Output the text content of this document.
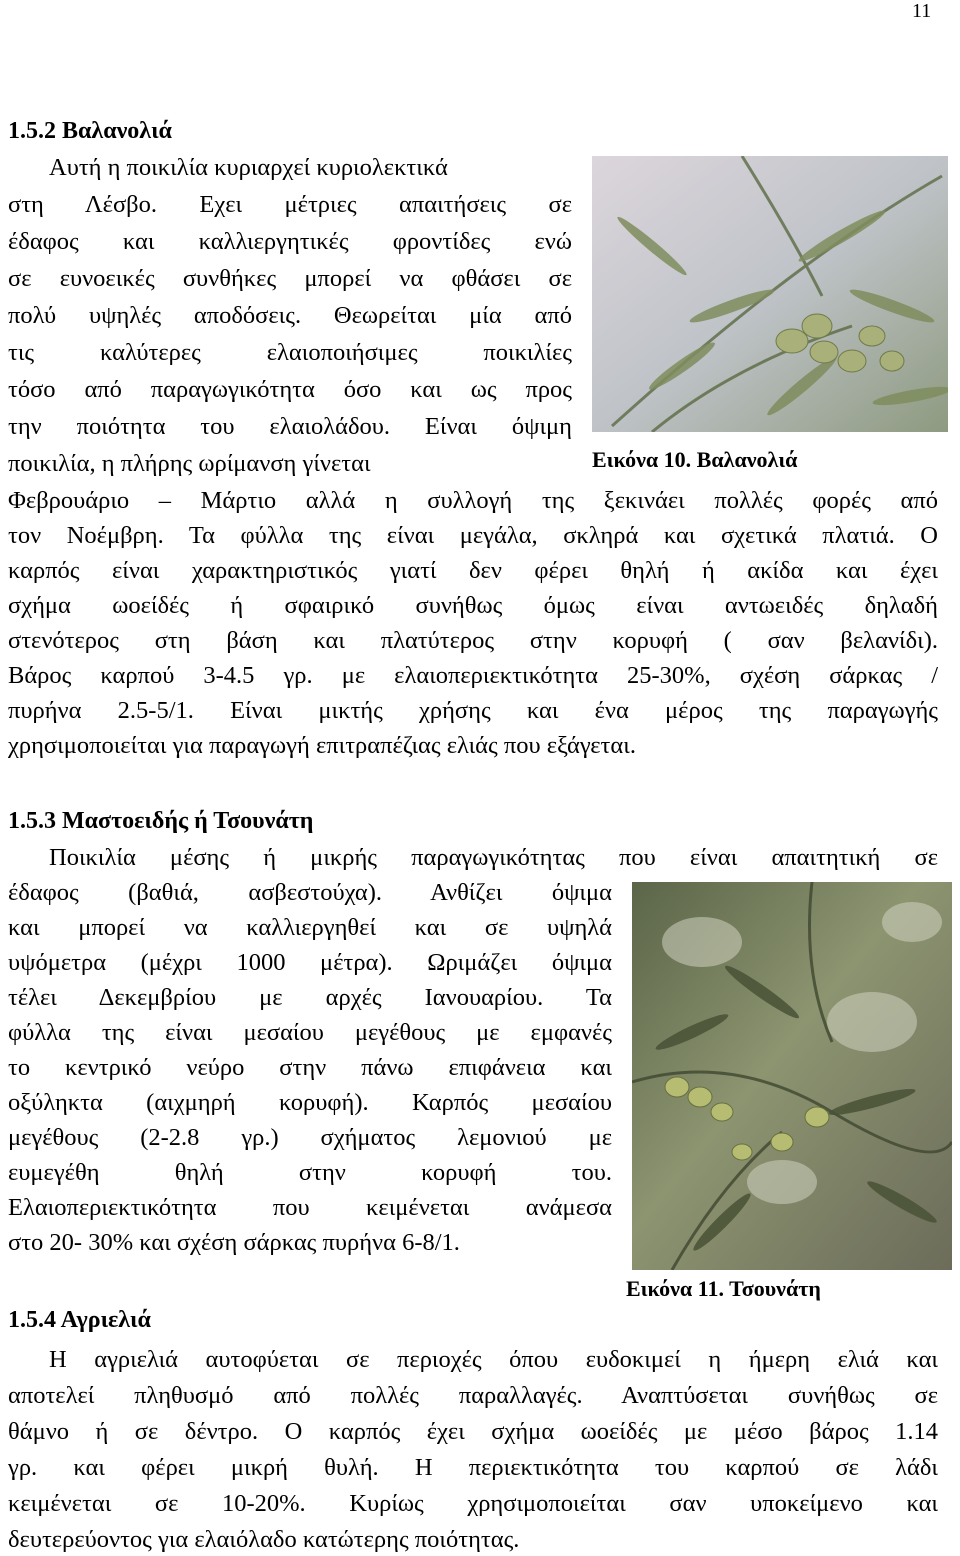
11
1.5.2 Βαλανολιά
Αυτή η ποικιλία κυριαρχεί κυριολεκτικά
στη Λέσβο. Εχει μέτριες απαιτήσεις σε
έδαφος και καλλιεργητικές φροντίδες ενώ
σε ευνοεικές συνθήκες μπορεί να φθάσει σε
πολύ υψηλές αποδόσεις. Θεωρείται μία από
τις καλύτερες ελαιοποιήσιμες ποικιλίες
τόσο από παραγωγικότητα όσο και ως προς
την ποιότητα του ελαιολάδου. Είναι όψιμη
ποικιλία, η πλήρης ωρίμανση γίνεται	Εικόνα 10. Βαλανολιά
Φεβρουάριο – Μάρτιο αλλά η συλλογή της ξεκινάει πολλές φορές από
τον Νοέμβρη. Τα φύλλα της είναι μεγάλα, σκληρά και σχετικά πλατιά. Ο
καρπός είναι χαρακτηριστικός γιατί δεν φέρει θηλή ή ακίδα και έχει
σχήμα ωοείδές ή σφαιρικό συνήθως όμως είναι αντωειδές δηλαδή
στενότερος στη βάση και πλατύτερος στην κορυφή ( σαν βελανίδι).
Βάρος καρπού 3-4.5 γρ. με ελαιοπεριεκτικότητα 25-30%, σχέση σάρκας /
πυρήνα 2.5-5/1. Είναι μικτής χρήσης και ένα μέρος της παραγωγής
χρησιμοποιείται για παραγωγή επιτραπέζιας ελιάς που εξάγεται.
1.5.3 Μαστοειδής ή Τσουνάτη
Ποικιλία μέσης ή μικρής παραγωγικότητας που είναι απαιτητική σε
έδαφος (βαθιά, ασβεστούχα). Ανθίζει όψιμα
και μπορεί να καλλιεργηθεί και σε υψηλά
υψόμετρα (μέχρι 1000 μέτρα). Ωριμάζει όψιμα
τέλει Δεκεμβρίου με αρχές Ιανουαρίου. Τα
φύλλα της είναι μεσαίου μεγέθους με εμφανές
το κεντρικό νεύρο στην πάνω επιφάνεια και
οξύληκτα (αιχμηρή κορυφή). Καρπός μεσαίου
μεγέθους (2-2.8 γρ.) σχήματος λεμονιού με
ευμεγέθη θηλή στην κορυφή του.
Ελαιοπεριεκτικότητα που κειμένεται ανάμεσα
στο 20- 30% και σχέση σάρκας πυρήνα 6-8/1.
Εικόνα 11. Τσουνάτη
1.5.4 Αγριελιά
Η αγριελιά αυτοφύεται σε περιοχές όπου ευδοκιμεί η ήμερη ελιά και
αποτελεί πληθυσμό από πολλές παραλλαγές. Αναπτύσεται συνήθως σε
θάμνο ή σε δέντρο. Ο καρπός έχει σχήμα ωοείδές με μέσο βάρος 1.14
γρ. και φέρει μικρή θυλή. Η περιεκτικότητα του καρπού σε λάδι
κειμένεται σε 10-20%. Κυρίως χρησιμοποιείται σαν υποκείμενο και
δευτερεύοντος για ελαιόλαδο κατώτερης ποιότητας.
